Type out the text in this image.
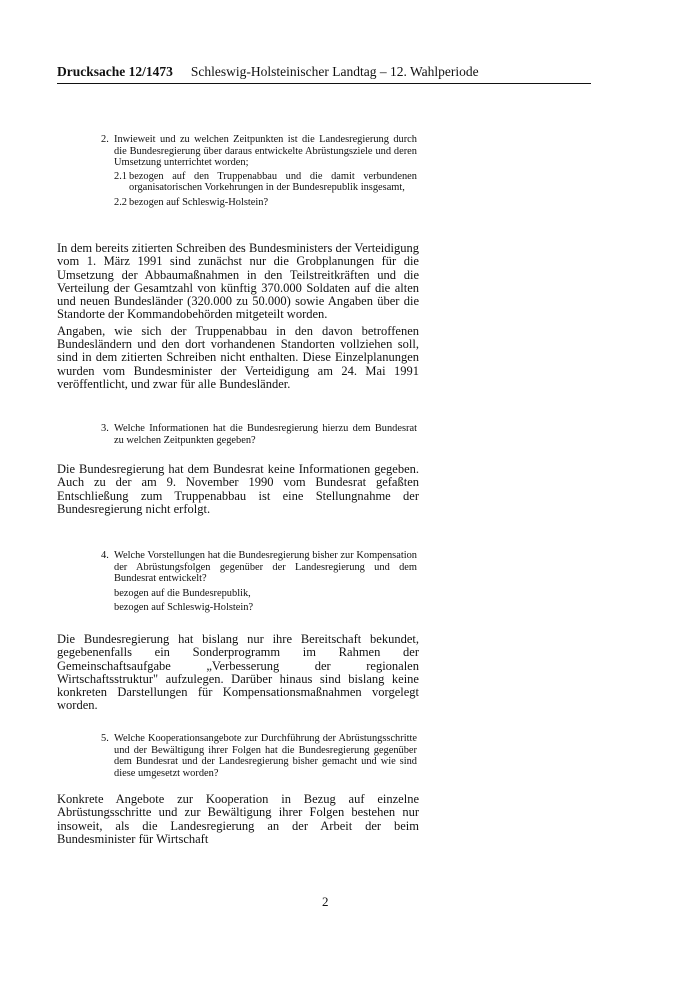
Drucksache 12/1473 Schleswig-Holsteinischer Landtag – 12. Wahlperiode
2. Inwieweit und zu welchen Zeitpunkten ist die Landesregierung durch die Bundesregierung über daraus entwickelte Abrüstungsziele und deren Umsetzung unterrichtet worden;
2.1 bezogen auf den Truppenabbau und die damit verbundenen organisatorischen Vorkehrungen in der Bundesrepublik insgesamt,
2.2 bezogen auf Schleswig-Holstein?

In dem bereits zitierten Schreiben des Bundesministers der Verteidigung vom 1. März 1991 sind zunächst nur die Grobplanungen für die Umsetzung der Abbaumaßnahmen in den Teilstreitkräften und die Verteilung der Gesamtzahl von künftig 370.000 Soldaten auf die alten und neuen Bundesländer (320.000 zu 50.000) sowie Angaben über die Standorte der Kommandobehörden mitgeteilt worden.

Angaben, wie sich der Truppenabbau in den davon betroffenen Bundesländern und den dort vorhandenen Standorten vollziehen soll, sind in dem zitierten Schreiben nicht enthalten. Diese Einzelplanungen wurden vom Bundesminister der Verteidigung am 24. Mai 1991 veröffentlicht, und zwar für alle Bundesländer.

3. Welche Informationen hat die Bundesregierung hierzu dem Bundesrat zu welchen Zeitpunkten gegeben?

Die Bundesregierung hat dem Bundesrat keine Informationen gegeben. Auch zu der am 9. November 1990 vom Bundesrat gefaßten Entschließung zum Truppenabbau ist eine Stellungnahme der Bundesregierung nicht erfolgt.

4. Welche Vorstellungen hat die Bundesregierung bisher zur Kompensation der Abrüstungsfolgen gegenüber der Landesregierung und dem Bundesrat entwickelt?
bezogen auf die Bundesrepublik,
bezogen auf Schleswig-Holstein?

Die Bundesregierung hat bislang nur ihre Bereitschaft bekundet, gegebenenfalls ein Sonderprogramm im Rahmen der Gemeinschaftsaufgabe „Verbesserung der regionalen Wirtschaftsstruktur" aufzulegen. Darüber hinaus sind bislang keine konkreten Darstellungen für Kompensationsmaßnahmen vorgelegt worden.

5. Welche Kooperationsangebote zur Durchführung der Abrüstungsschritte und der Bewältigung ihrer Folgen hat die Bundesregierung gegenüber dem Bundesrat und der Landesregierung bisher gemacht und wie sind diese umgesetzt worden?

Konkrete Angebote zur Kooperation in Bezug auf einzelne Abrüstungsschritte und zur Bewältigung ihrer Folgen bestehen nur insoweit, als die Landesregierung an der Arbeit der beim Bundesminister für Wirtschaft

2
